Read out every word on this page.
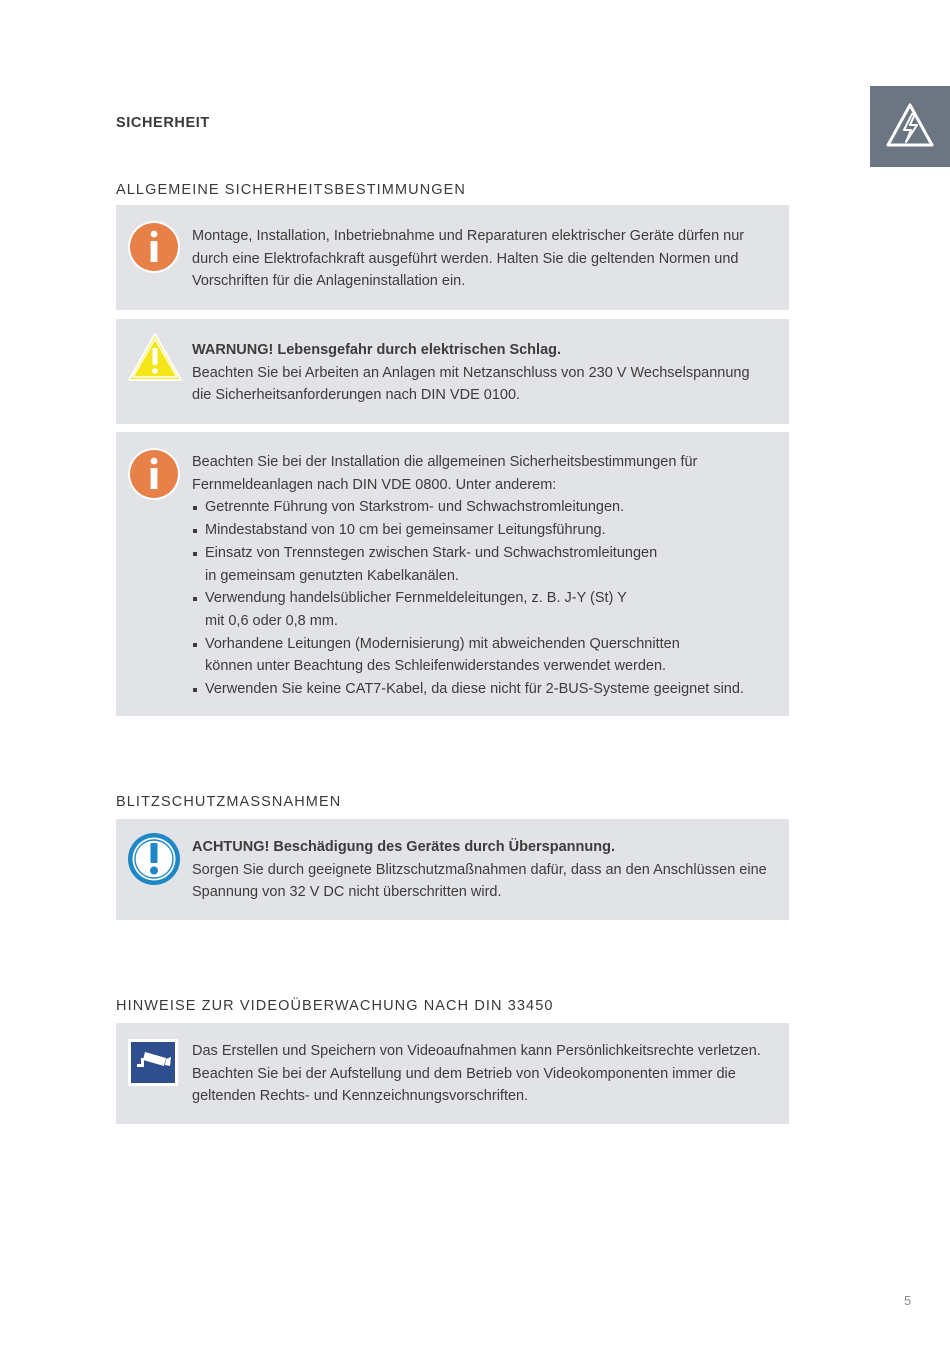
SICHERHEIT
ALLGEMEINE SICHERHEITSBESTIMMUNGEN

Montage, Installation, Inbetriebnahme und Reparaturen elektrischer Geräte dürfen nur durch eine Elektrofachkraft ausgeführt werden. Halten Sie die geltenden Normen und Vorschriften für die Anlageninstallation ein.

WARNUNG! Lebensgefahr durch elektrischen Schlag.

Beachten Sie bei Arbeiten an Anlagen mit Netzanschluss von 230 V Wechselspannung die Sicherheitsanforderungen nach DIN VDE 0100.

Beachten Sie bei der Installation die allgemeinen Sicherheitsbestimmungen für Fernmeldeanlagen nach DIN VDE 0800. Unter anderem:

Getrennte Führung von Starkstrom- und Schwachstromleitungen.
Mindestabstand von 10 cm bei gemeinsamer Leitungsführung.
Einsatz von Trennstegen zwischen Stark- und Schwachstromleitungen in gemeinsam genutzten Kabelkanälen.
Verwendung handelsüblicher Fernmeldeleitungen, z. B. J-Y (St) Y mit 0,6 oder 0,8 mm.
Vorhandene Leitungen (Modernisierung) mit abweichenden Querschnitten können unter Beachtung des Schleifenwiderstandes verwendet werden.
Verwenden Sie keine CAT7-Kabel, da diese nicht für 2-BUS-Systeme geeignet sind.
BLITZSCHUTZMASSNAHMEN

ACHTUNG! Beschädigung des Gerätes durch Überspannung.

Sorgen Sie durch geeignete Blitzschutzmaßnahmen dafür, dass an den Anschlüssen eine Spannung von 32 V DC nicht überschritten wird.

HINWEISE ZUR VIDEOÜBERWACHUNG NACH DIN 33450

Das Erstellen und Speichern von Videoaufnahmen kann Persönlichkeitsrechte verletzen. Beachten Sie bei der Aufstellung und dem Betrieb von Videokomponenten immer die geltenden Rechts- und Kennzeichnungsvorschriften.

5
